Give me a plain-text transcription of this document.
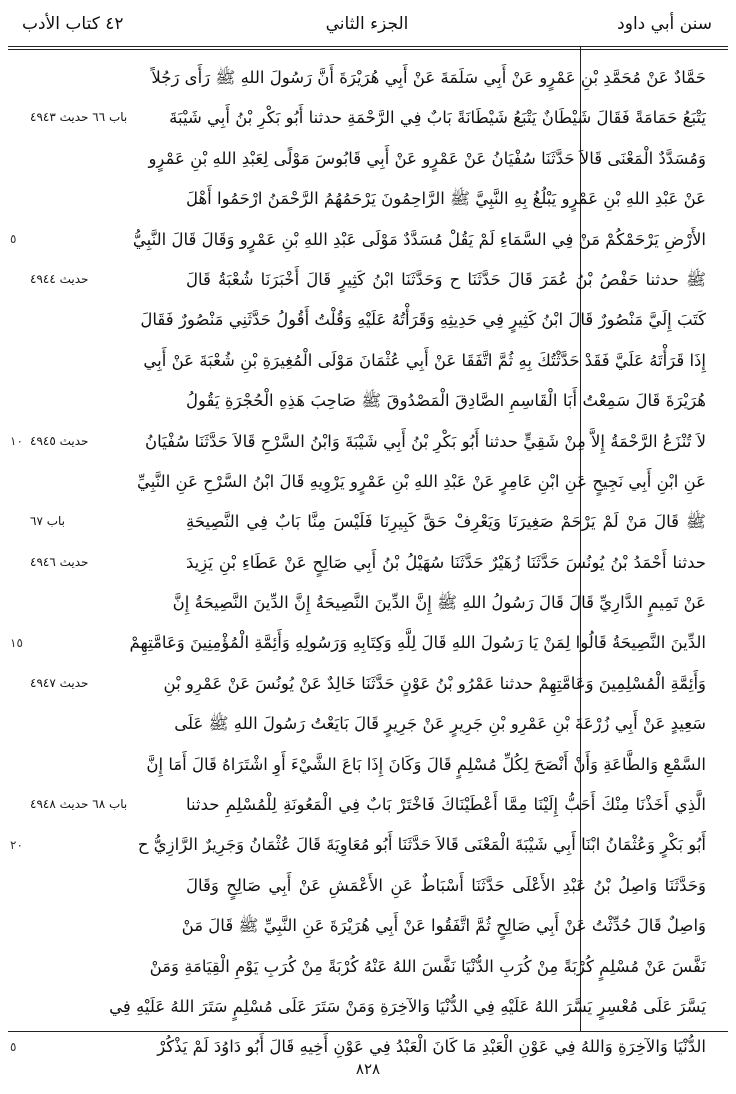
سنن أبي داود
الجزء الثاني
٤٢ كتاب الأدب
حَمَّادٌ عَنْ مُحَمَّدِ بْنِ عَمْرٍو عَنْ أَبِي سَلَمَةَ عَنْ أَبِي هُرَيْرَةَ أَنَّ رَسُولَ اللهِ ﷺ رَأَى رَجُلاً
يَتْبَعُ حَمَامَةً فَقَالَ شَيْطَانٌ يَتْبَعُ شَيْطَانَةً بَابٌ فِي الرَّحْمَةِ حدثنا أَبُو بَكْرِ بْنُ أَبِي شَيْبَةَ
وَمُسَدَّدٌ الْمَعْنَى قَالاَ حَدَّثَنَا سُفْيَانُ عَنْ عَمْرٍو عَنْ أَبِي قَابُوسَ مَوْلًى لِعَبْدِ اللهِ بْنِ عَمْرٍو
عَنْ عَبْدِ اللهِ بْنِ عَمْرٍو يَبْلُغُ بِهِ النَّبِيَّ ﷺ الرَّاحِمُونَ يَرْحَمُهُمُ الرَّحْمَنُ ارْحَمُوا أَهْلَ
الأَرْضِ يَرْحَمْكُمْ مَنْ فِي السَّمَاءِ لَمْ يَقُلْ مُسَدَّدٌ مَوْلَى عَبْدِ اللهِ بْنِ عَمْرٍو وَقَالَ قَالَ النَّبِيُّ
ﷺ حدثنا حَفْصُ بْنُ عُمَرَ قَالَ حَدَّثَنَا ح وَحَدَّثَنَا ابْنُ كَثِيرٍ قَالَ أَخْبَرَنَا شُعْبَةُ قَالَ
كَتَبَ إِلَيَّ مَنْصُورٌ قَالَ ابْنُ كَثِيرٍ فِي حَدِيثِهِ وَقَرَأْتُهُ عَلَيْهِ وَقُلْتُ أَقُولُ حَدَّثَنِي مَنْصُورٌ فَقَالَ
إِذَا قَرَأْتَهُ عَلَيَّ فَقَدْ حَدَّثْتُكَ بِهِ ثُمَّ اتَّفَقَا عَنْ أَبِي عُثْمَانَ مَوْلَى الْمُغِيرَةِ بْنِ شُعْبَةَ عَنْ أَبِي
هُرَيْرَةَ قَالَ سَمِعْتُ أَبَا الْقَاسِمِ الصَّادِقَ الْمَصْدُوقَ ﷺ صَاحِبَ هَذِهِ الْحُجْرَةِ يَقُولُ
لاَ تُنْزَعُ الرَّحْمَةُ إِلاَّ مِنْ شَقِيٍّ حدثنا أَبُو بَكْرِ بْنُ أَبِي شَيْبَةَ وَابْنُ السَّرْحِ قَالاَ حَدَّثَنَا سُفْيَانُ
عَنِ ابْنِ أَبِي نَجِيحٍ عَنِ ابْنِ عَامِرٍ عَنْ عَبْدِ اللهِ بْنِ عَمْرٍو يَرْوِيهِ قَالَ ابْنُ السَّرْحِ عَنِ النَّبِيِّ
ﷺ قَالَ مَنْ لَمْ يَرْحَمْ صَغِيرَنَا وَيَعْرِفْ حَقَّ كَبِيرِنَا فَلَيْسَ مِنَّا بَابٌ فِي النَّصِيحَةِ
حدثنا أَحْمَدُ بْنُ يُونُسَ حَدَّثَنَا زُهَيْرٌ حَدَّثَنَا سُهَيْلُ بْنُ أَبِي صَالِحٍ عَنْ عَطَاءِ بْنِ يَزِيدَ
عَنْ تَمِيمٍ الدَّارِيِّ قَالَ قَالَ رَسُولُ اللهِ ﷺ إِنَّ الدِّينَ النَّصِيحَةُ إِنَّ الدِّينَ النَّصِيحَةُ إِنَّ
الدِّينَ النَّصِيحَةُ قَالُوا لِمَنْ يَا رَسُولَ اللهِ قَالَ لِلَّهِ وَكِتَابِهِ وَرَسُولِهِ وَأَئِمَّةِ الْمُؤْمِنِينَ وَعَامَّتِهِمْ
وَأَئِمَّةِ الْمُسْلِمِينَ وَعَامَّتِهِمْ حدثنا عَمْرُو بْنُ عَوْنٍ حَدَّثَنَا خَالِدٌ عَنْ يُونُسَ عَنْ عَمْرِو بْنِ
سَعِيدٍ عَنْ أَبِي زُرْعَةَ بْنِ عَمْرِو بْنِ جَرِيرٍ عَنْ جَرِيرٍ قَالَ بَايَعْتُ رَسُولَ اللهِ ﷺ عَلَى
السَّمْعِ وَالطَّاعَةِ وَأَنْ أَنْصَحَ لِكُلِّ مُسْلِمٍ قَالَ وَكَانَ إِذَا بَاعَ الشَّيْءَ أَوِ اشْتَرَاهُ قَالَ أَمَا إِنَّ
الَّذِي أَخَذْنَا مِنْكَ أَحَبُّ إِلَيْنَا مِمَّا أَعْطَيْنَاكَ فَاخْتَرْ بَابٌ فِي الْمَعُونَةِ لِلْمُسْلِمِ حدثنا
أَبُو بَكْرٍ وَعُثْمَانُ ابْنَا أَبِي شَيْبَةَ الْمَعْنَى قَالاَ حَدَّثَنَا أَبُو مُعَاوِيَةَ قَالَ عُثْمَانُ وَجَرِيرٌ الرَّازِيُّ ح
وَحَدَّثَنَا وَاصِلُ بْنُ عَبْدِ الأَعْلَى حَدَّثَنَا أَسْبَاطٌ عَنِ الأَعْمَشِ عَنْ أَبِي صَالِحٍ وَقَالَ
وَاصِلٌ قَالَ حُدِّثْتُ عَنْ أَبِي صَالِحٍ ثُمَّ اتَّفَقُوا عَنْ أَبِي هُرَيْرَةَ عَنِ النَّبِيِّ ﷺ قَالَ مَنْ
نَفَّسَ عَنْ مُسْلِمٍ كُرْبَةً مِنْ كُرَبِ الدُّنْيَا نَفَّسَ اللهُ عَنْهُ كُرْبَةً مِنْ كُرَبِ يَوْمِ الْقِيَامَةِ وَمَنْ
يَسَّرَ عَلَى مُعْسِرٍ يَسَّرَ اللهُ عَلَيْهِ فِي الدُّنْيَا وَالآخِرَةِ وَمَنْ سَتَرَ عَلَى مُسْلِمٍ سَتَرَ اللهُ عَلَيْهِ فِي
الدُّنْيَا وَالآخِرَةِ وَاللهُ فِي عَوْنِ الْعَبْدِ مَا كَانَ الْعَبْدُ فِي عَوْنِ أَخِيهِ قَالَ أَبُو دَاوُدَ لَمْ يَذْكُرْ
باب ٦٦ حديث ٤٩٤٣
حديث ٤٩٤٤
حديث ٤٩٤٥
باب ٦٧
حديث ٤٩٤٦
حديث ٤٩٤٧
باب ٦٨ حديث ٤٩٤٨
٥
١٠
١٥
٢٠
٥
٨٢٨
